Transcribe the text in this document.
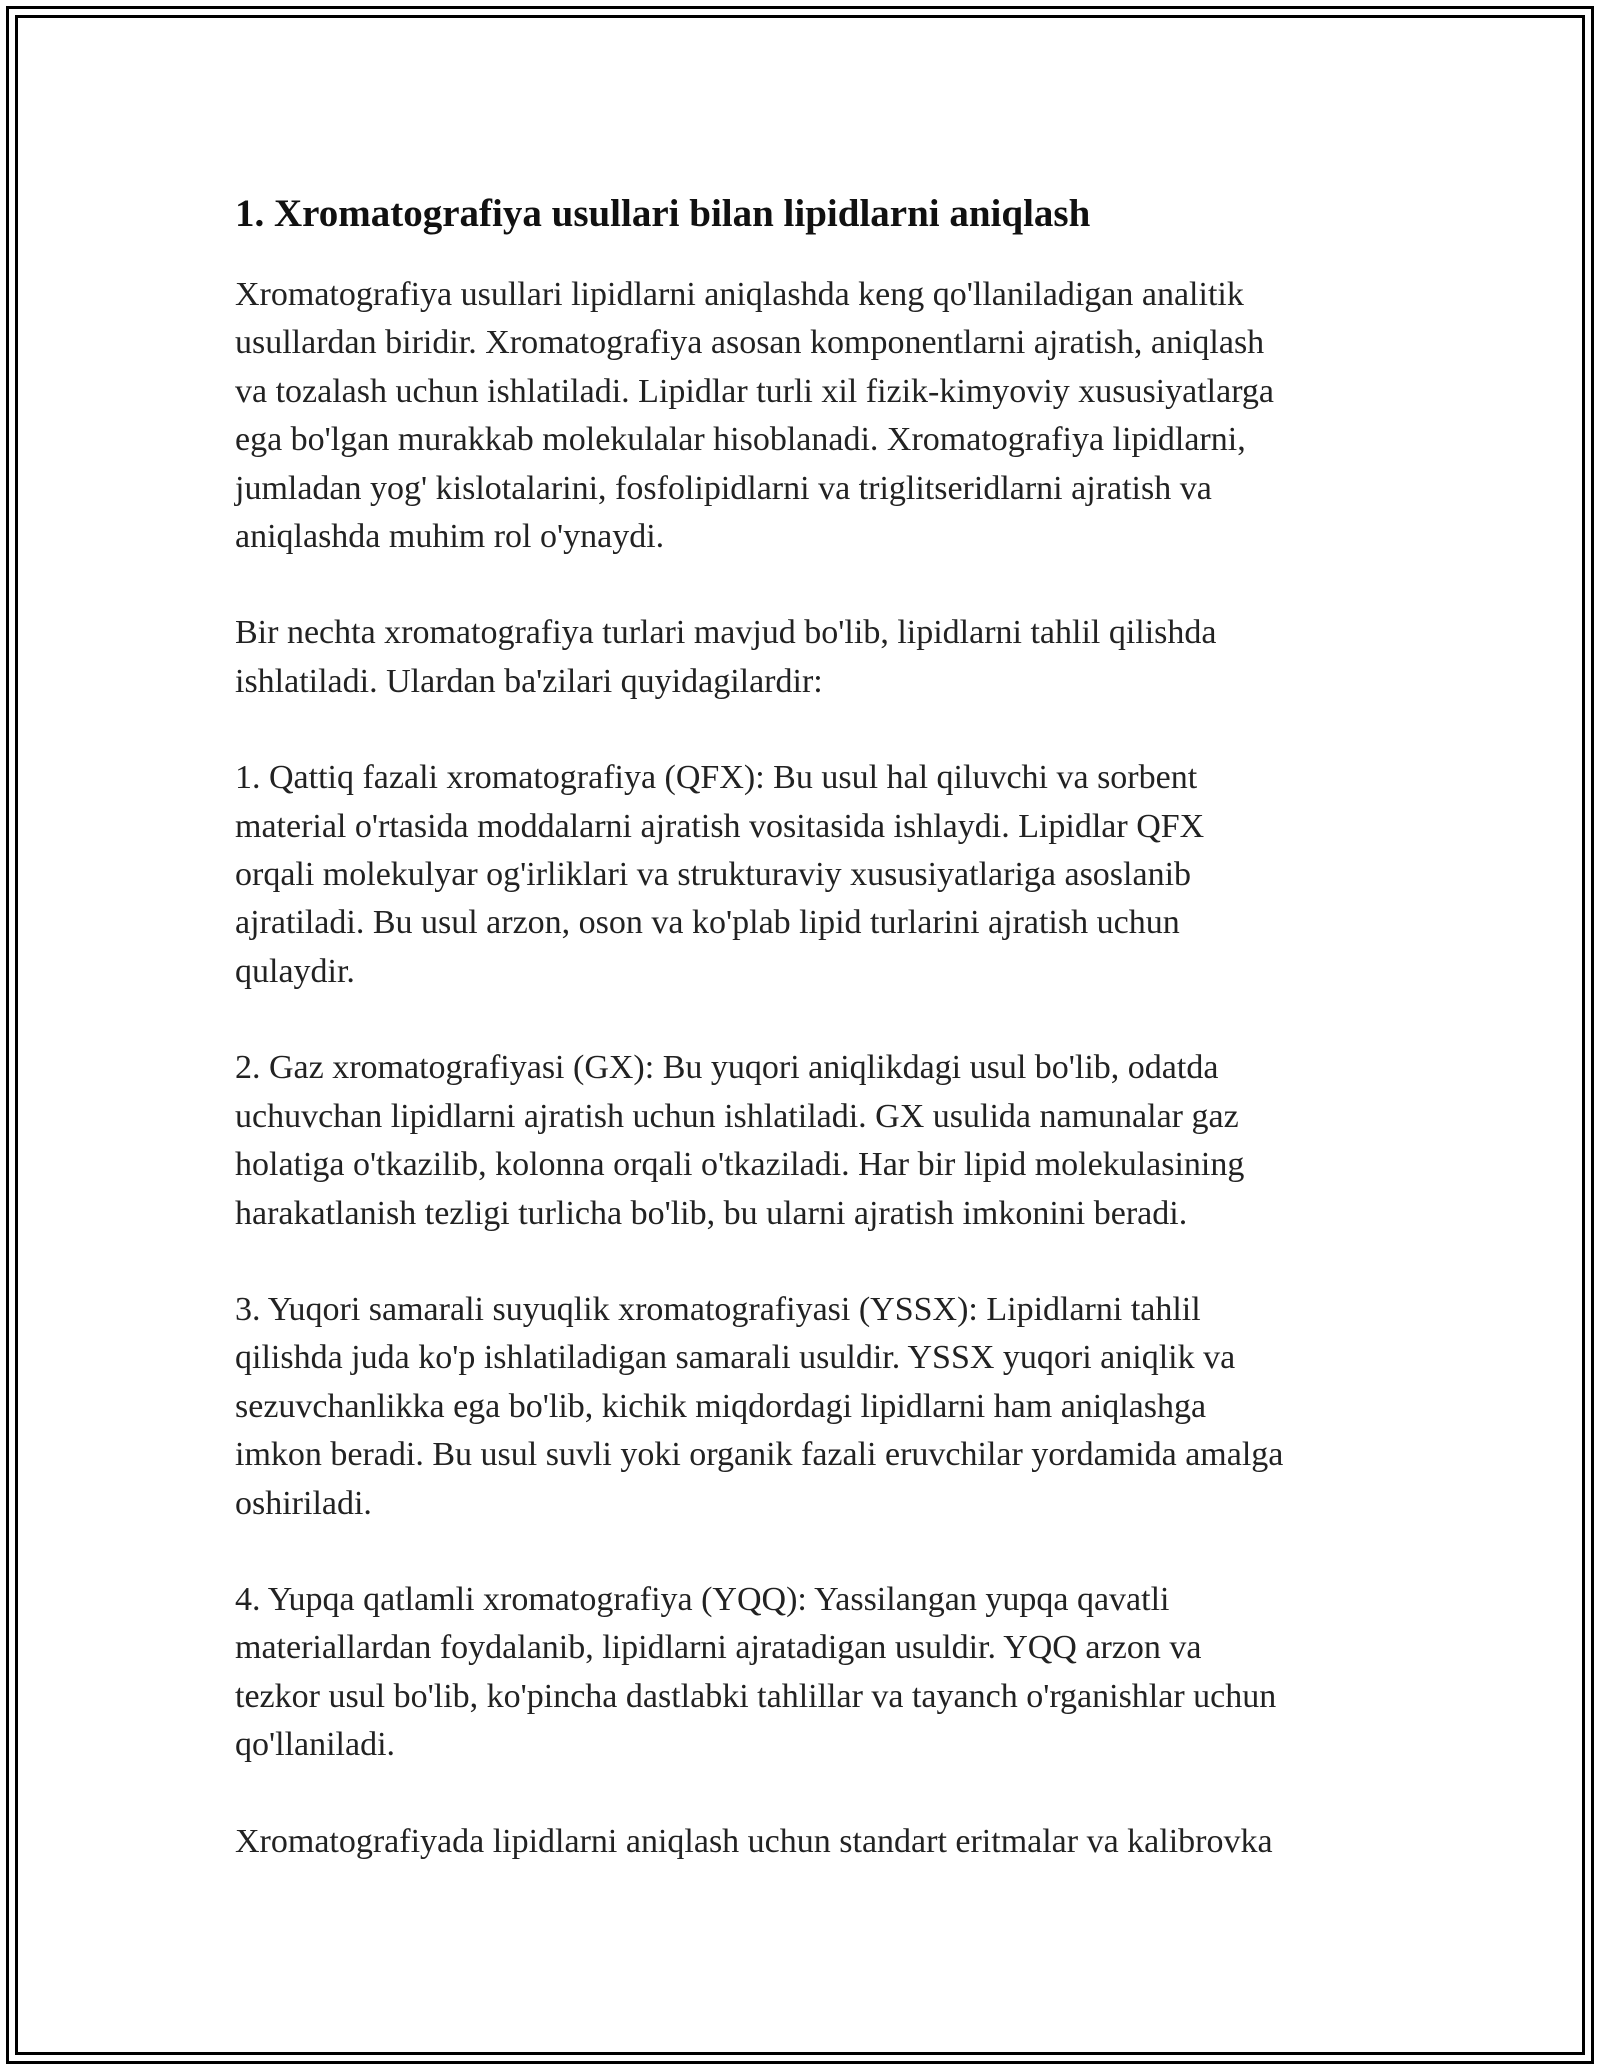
1. Xromatografiya usullari bilan lipidlarni aniqlash

Xromatografiya usullari lipidlarni aniqlashda keng qo'llaniladigan analitik
usullardan biridir. Xromatografiya asosan komponentlarni ajratish, aniqlash
va tozalash uchun ishlatiladi. Lipidlar turli xil fizik-kimyoviy xususiyatlarga
ega bo'lgan murakkab molekulalar hisoblanadi. Xromatografiya lipidlarni,
jumladan yog' kislotalarini, fosfolipidlarni va triglitseridlarni ajratish va
aniqlashda muhim rol o'ynaydi.

Bir nechta xromatografiya turlari mavjud bo'lib, lipidlarni tahlil qilishda
ishlatiladi. Ulardan ba'zilari quyidagilardir:

1. Qattiq fazali xromatografiya (QFX): Bu usul hal qiluvchi va sorbent
material o'rtasida moddalarni ajratish vositasida ishlaydi. Lipidlar QFX
orqali molekulyar og'irliklari va strukturaviy xususiyatlariga asoslanib
ajratiladi. Bu usul arzon, oson va ko'plab lipid turlarini ajratish uchun
qulaydir.

2. Gaz xromatografiyasi (GX): Bu yuqori aniqlikdagi usul bo'lib, odatda
uchuvchan lipidlarni ajratish uchun ishlatiladi. GX usulida namunalar gaz
holatiga o'tkazilib, kolonna orqali o'tkaziladi. Har bir lipid molekulasining
harakatlanish tezligi turlicha bo'lib, bu ularni ajratish imkonini beradi.

3. Yuqori samarali suyuqlik xromatografiyasi (YSSX): Lipidlarni tahlil
qilishda juda ko'p ishlatiladigan samarali usuldir. YSSX yuqori aniqlik va
sezuvchanlikka ega bo'lib, kichik miqdordagi lipidlarni ham aniqlashga
imkon beradi. Bu usul suvli yoki organik fazali eruvchilar yordamida amalga
oshiriladi.

4. Yupqa qatlamli xromatografiya (YQQ): Yassilangan yupqa qavatli
materiallardan foydalanib, lipidlarni ajratadigan usuldir. YQQ arzon va
tezkor usul bo'lib, ko'pincha dastlabki tahlillar va tayanch o'rganishlar uchun
qo'llaniladi.

Xromatografiyada lipidlarni aniqlash uchun standart eritmalar va kalibrovka
